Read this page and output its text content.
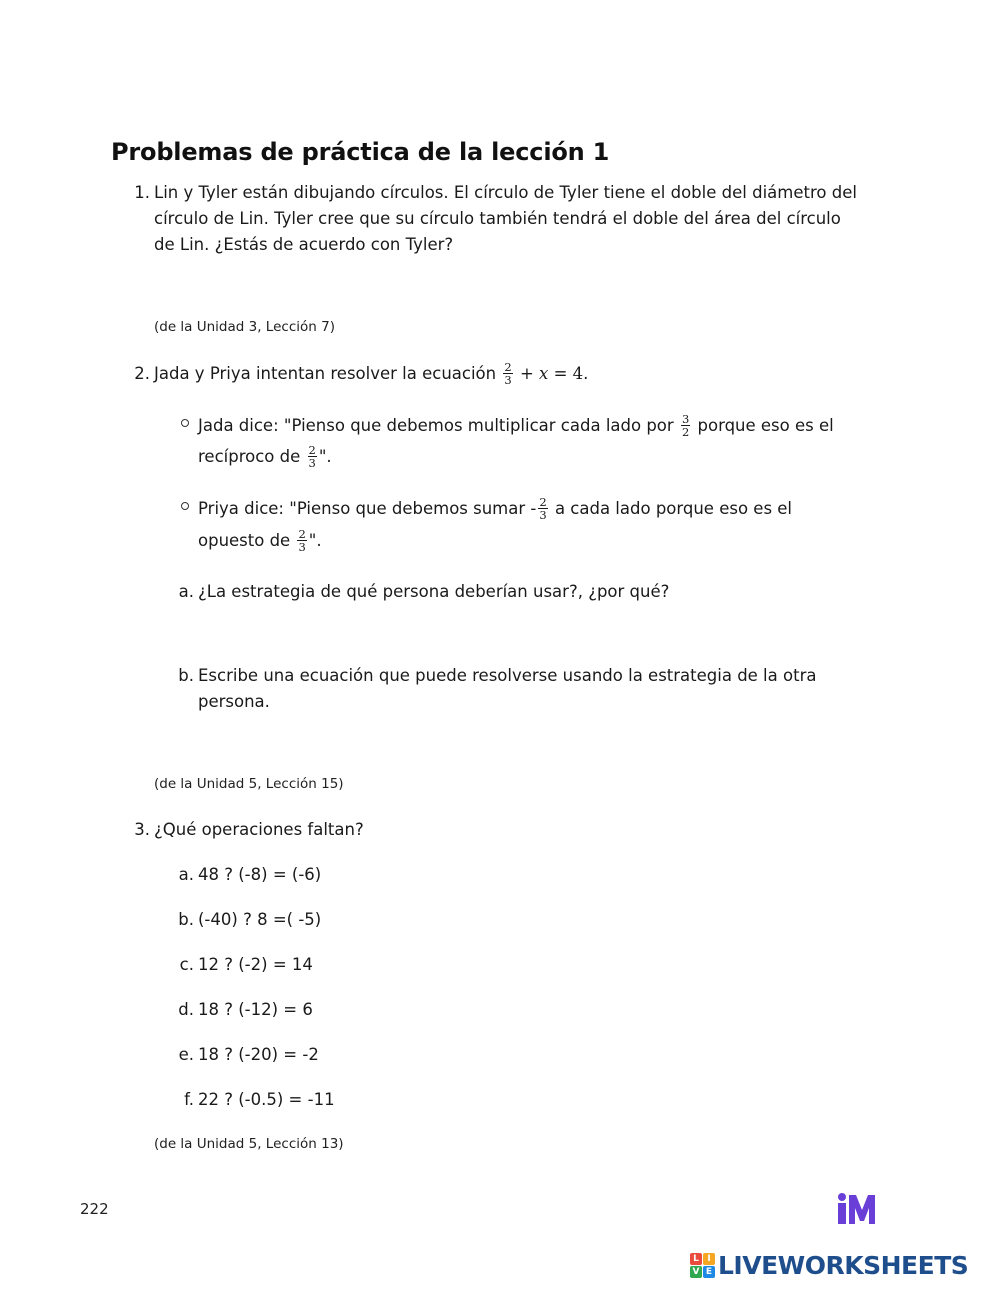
Problemas de práctica de la lección 1
1. Lin y Tyler están dibujando círculos. El círculo de Tyler tiene el doble del diámetro del
círculo de Lin. Tyler cree que su círculo también tendrá el doble del área del círculo
de Lin. ¿Estás de acuerdo con Tyler?
(de la Unidad 3, Lección 7)
2. Jada y Priya intentan resolver la ecuación $\frac{2}{3} + x = 4$.
Jada dice: "Pienso que debemos multiplicar cada lado por $\frac{3}{2}$ porque eso es el
recíproco de $\frac{2}{3}$ ".
Priya dice: "Pienso que debemos sumar - $\frac{2}{3}$ a cada lado porque eso es el
opuesto de $\frac{2}{3}$ ".
a. ¿La estrategia de qué persona deberían usar?, ¿por qué?
b. Escribe una ecuación que puede resolverse usando la estrategia de la otra
persona.
(de la Unidad 5, Lección 15)
3. ¿Qué operaciones faltan?
a. 48 ? (-8) = (-6)
b. (-40) ? 8 =( -5)
c. 12 ? (-2) = 14
d. 18 ? (-12) = 6
e. 18 ? (-20) = -2
f. 22 ? (-0.5) = -11
(de la Unidad 5, Lección 13)
222
L I
V E LIVEWORKSHEETS
